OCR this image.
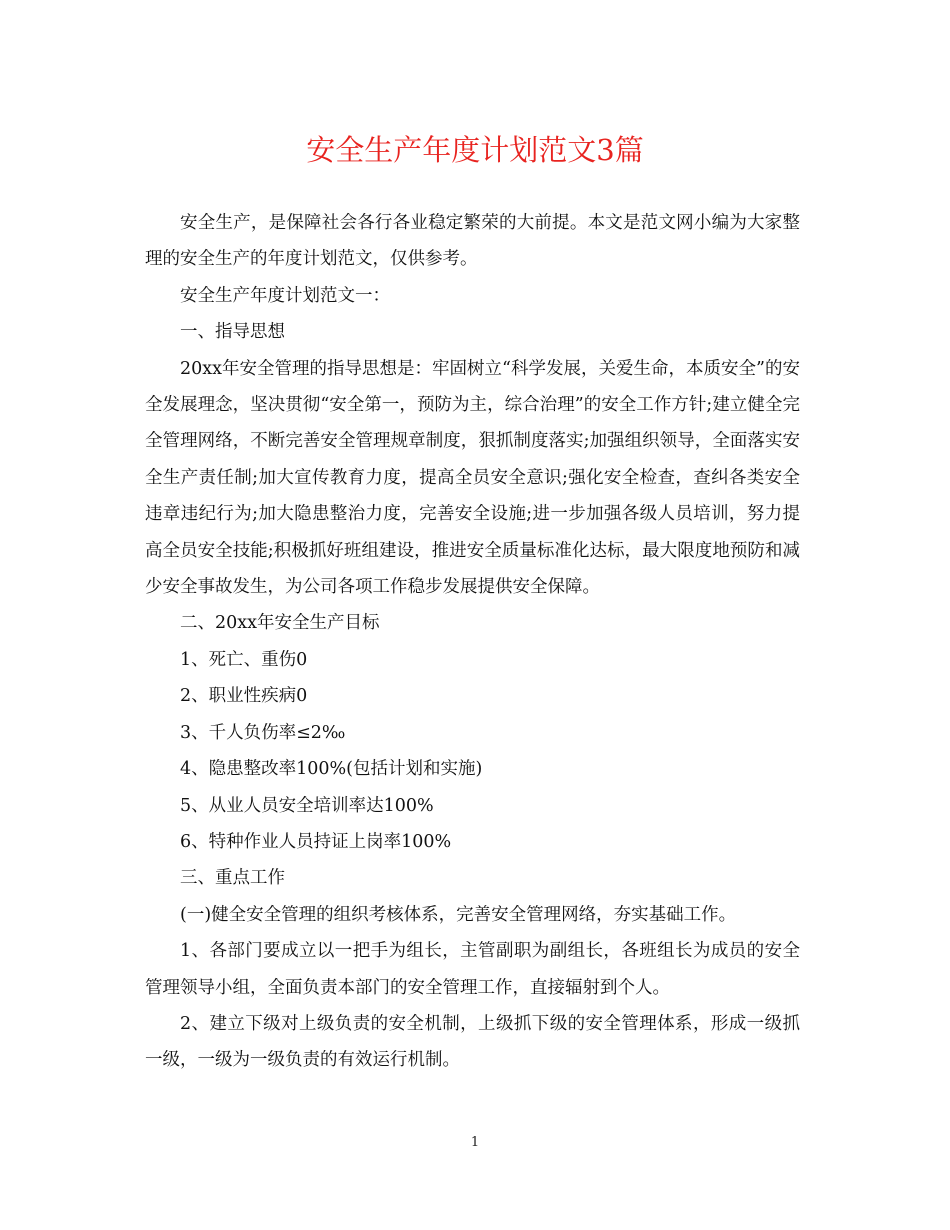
安全生产年度计划范文3篇

安全生产，是保障社会各行各业稳定繁荣的大前提。本文是范文网小编为大家整理的安全生产的年度计划范文，仅供参考。

安全生产年度计划范文一：

一、指导思想

20xx年安全管理的指导思想是：牢固树立“科学发展，关爱生命，本质安全”的安全发展理念，坚决贯彻“安全第一，预防为主，综合治理”的安全工作方针;建立健全完全管理网络，不断完善安全管理规章制度，狠抓制度落实;加强组织领导，全面落实安全生产责任制;加大宣传教育力度，提高全员安全意识;强化安全检查，查纠各类安全违章违纪行为;加大隐患整治力度，完善安全设施;进一步加强各级人员培训，努力提高全员安全技能;积极抓好班组建设，推进安全质量标准化达标，最大限度地预防和减少安全事故发生，为公司各项工作稳步发展提供安全保障。

二、20xx年安全生产目标

1、死亡、重伤0

2、职业性疾病0

3、千人负伤率≤2‰

4、隐患整改率100%(包括计划和实施)

5、从业人员安全培训率达100%

6、特种作业人员持证上岗率100%

三、重点工作

(一)健全安全管理的组织考核体系，完善安全管理网络，夯实基础工作。

1、各部门要成立以一把手为组长，主管副职为副组长，各班组长为成员的安全管理领导小组，全面负责本部门的安全管理工作，直接辐射到个人。

2、建立下级对上级负责的安全机制，上级抓下级的安全管理体系，形成一级抓一级，一级为一级负责的有效运行机制。

1
